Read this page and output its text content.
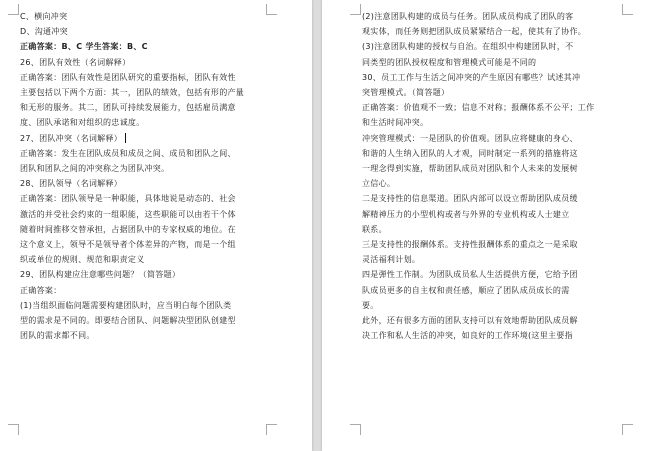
C、横向冲突
D、沟通冲突
正确答案：B、C 学生答案：B、C
26、团队有效性（名词解释）
正确答案：团队有效性是团队研究的重要指标，团队有效性
主要包括以下两个方面：其一，团队的绩效，包括有形的产量
和无形的服务。其二，团队可持续发展能力，包括雇员满意
度、团队承诺和对组织的忠诚度。
27、团队冲突（名词解释）
正确答案：发生在团队成员和成员之间、成员和团队之间、
团队和团队之间的冲突称之为团队冲突。
28、团队领导（名词解释）
正确答案：团队领导是一种职能，具体地说是动态的、社会
激活的并受社会约束的一组职能，这些职能可以由若干个体
随着时间推移交替承担，占据团队中的专家权威的地位。在
这个意义上，领导不是领导者个体差异的产物，而是一个组
织或单位的规则、规范和职责定义
29、团队构建应注意哪些问题？（简答题）
正确答案：
(1)当组织面临问题需要构建团队时，应当明白每个团队类
型的需求是不同的。即要结合团队、问题解决型团队创建型
团队的需求都不同。
(2)注意团队构建的成员与任务。团队成员构成了团队的客
观实体，而任务则把团队成员紧紧结合一起，使其有了协作。
(3)注意团队构建的授权与自治。在组织中构建团队时，不
同类型的团队授权程度和管理模式可能是不同的
30、员工工作与生活之间冲突的产生原因有哪些？试述其冲
突管理模式。（简答题）
正确答案：价值观不一致；信息不对称；报酬体系不公平；工作
和生活时间冲突。
冲突管理模式：一是团队的价值观。团队应将健康的身心、
和谐的人生纳入团队的人才观，同时制定一系列的措施将这
一理念得到实施，帮助团队成员对团队和个人未来的发展树
立信心。
二是支持性的信息渠道。团队内部可以设立帮助团队成员缓
解精神压力的小型机构或者与外界的专业机构或人士建立
联系。
三是支持性的报酬体系。支持性报酬体系的重点之一是采取
灵活福利计划。
四是弹性工作制。为团队成员私人生活提供方便，它给予团
队成员更多的自主权和责任感，顺应了团队成员成长的需
要。
此外，还有很多方面的团队支持可以有效地帮助团队成员解
决工作和私人生活的冲突，如良好的工作环境(这里主要指
